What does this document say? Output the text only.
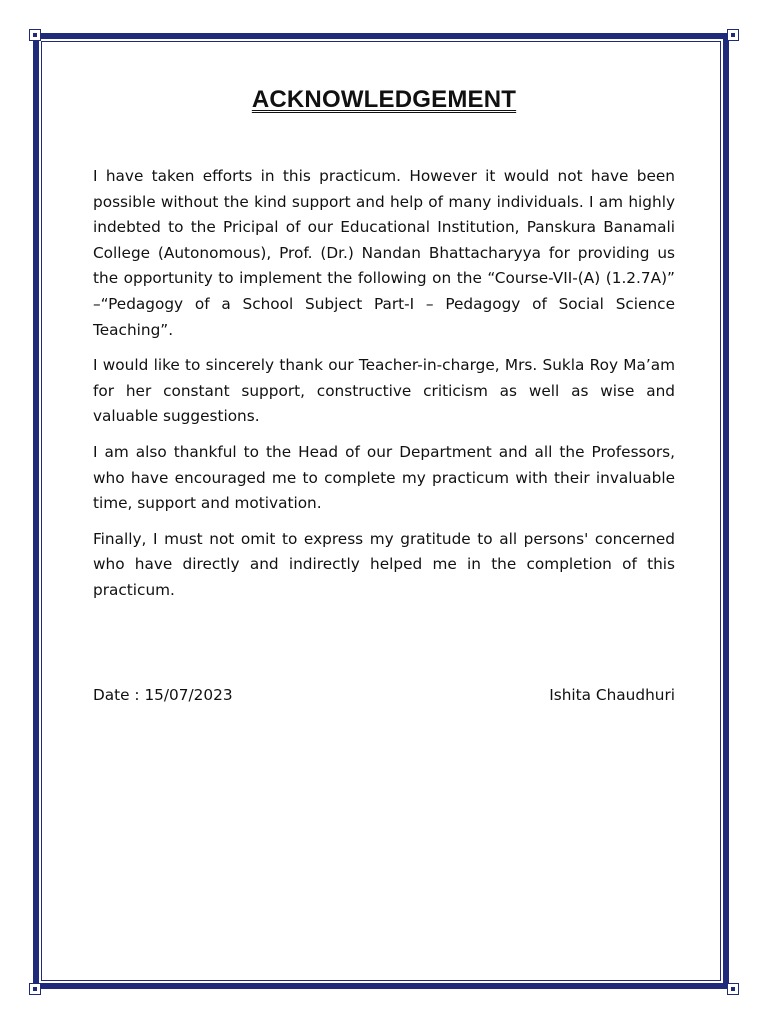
ACKNOWLEDGEMENT

I have taken efforts in this practicum. However it would not have been possible without the kind support and help of many individuals. I am highly indebted to the Pricipal of our Educational Institution, Panskura Banamali College (Autonomous), Prof. (Dr.) Nandan Bhattacharyya for providing us the opportunity to implement the following on the “Course-VII-(A) (1.2.7A)” –“Pedagogy of a School Subject Part-I – Pedagogy of Social Science Teaching”.

I would like to sincerely thank our Teacher-in-charge, Mrs. Sukla Roy Ma’am for her constant support, constructive criticism as well as wise and valuable suggestions.

I am also thankful to the Head of our Department and all the Professors, who have encouraged me to complete my practicum with their invaluable time, support and motivation.

Finally, I must not omit to express my gratitude to all persons' concerned who have directly and indirectly helped me in the completion of this practicum.

Date : 15/07/2023	Ishita Chaudhuri
